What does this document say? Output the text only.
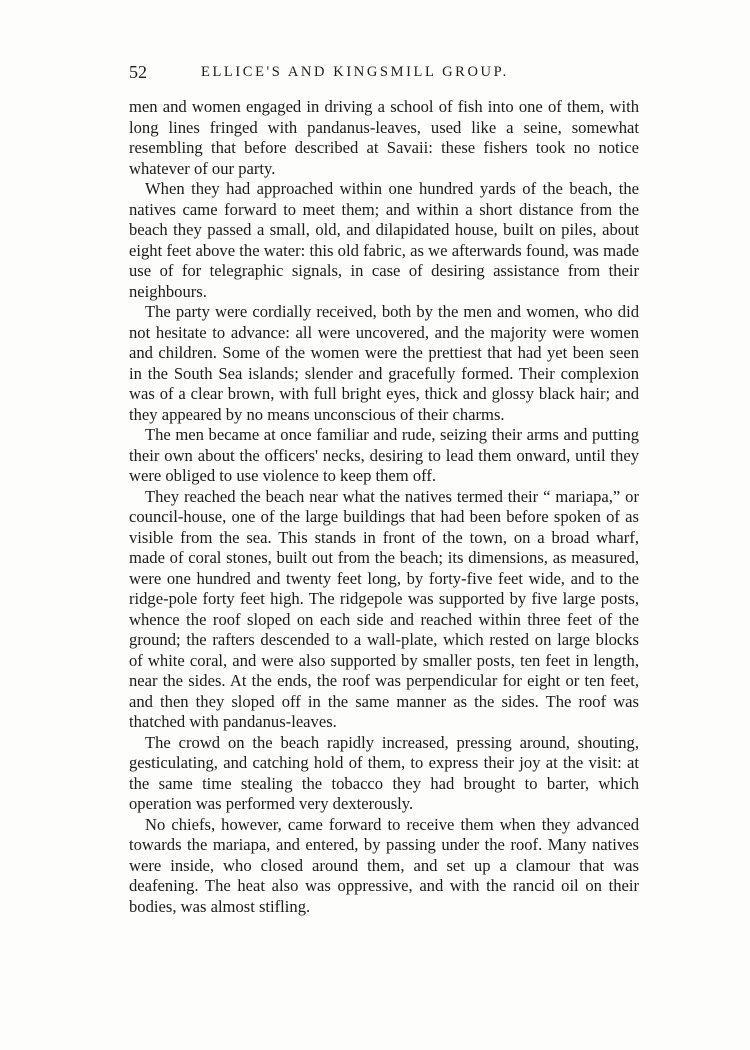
52	ELLICE'S AND KINGSMILL GROUP.

men and women engaged in driving a school of fish into one of them, with long lines fringed with pandanus-leaves, used like a seine, somewhat resembling that before described at Savaii: these fishers took no notice whatever of our party.

When they had approached within one hundred yards of the beach, the natives came forward to meet them; and within a short distance from the beach they passed a small, old, and dilapidated house, built on piles, about eight feet above the water: this old fabric, as we afterwards found, was made use of for telegraphic signals, in case of desiring assistance from their neighbours.

The party were cordially received, both by the men and women, who did not hesitate to advance: all were uncovered, and the majority were women and children. Some of the women were the prettiest that had yet been seen in the South Sea islands; slender and gracefully formed. Their complexion was of a clear brown, with full bright eyes, thick and glossy black hair; and they appeared by no means unconscious of their charms.

The men became at once familiar and rude, seizing their arms and putting their own about the officers' necks, desiring to lead them onward, until they were obliged to use violence to keep them off.

They reached the beach near what the natives termed their “ mariapa,” or council-house, one of the large buildings that had been before spoken of as visible from the sea. This stands in front of the town, on a broad wharf, made of coral stones, built out from the beach; its dimensions, as measured, were one hundred and twenty feet long, by forty-five feet wide, and to the ridge-pole forty feet high. The ridgepole was supported by five large posts, whence the roof sloped on each side and reached within three feet of the ground; the rafters descended to a wall-plate, which rested on large blocks of white coral, and were also supported by smaller posts, ten feet in length, near the sides. At the ends, the roof was perpendicular for eight or ten feet, and then they sloped off in the same manner as the sides. The roof was thatched with pandanus-leaves.

The crowd on the beach rapidly increased, pressing around, shouting, gesticulating, and catching hold of them, to express their joy at the visit: at the same time stealing the tobacco they had brought to barter, which operation was performed very dexterously.

No chiefs, however, came forward to receive them when they advanced towards the mariapa, and entered, by passing under the roof. Many natives were inside, who closed around them, and set up a clamour that was deafening. The heat also was oppressive, and with the rancid oil on their bodies, was almost stifling.
